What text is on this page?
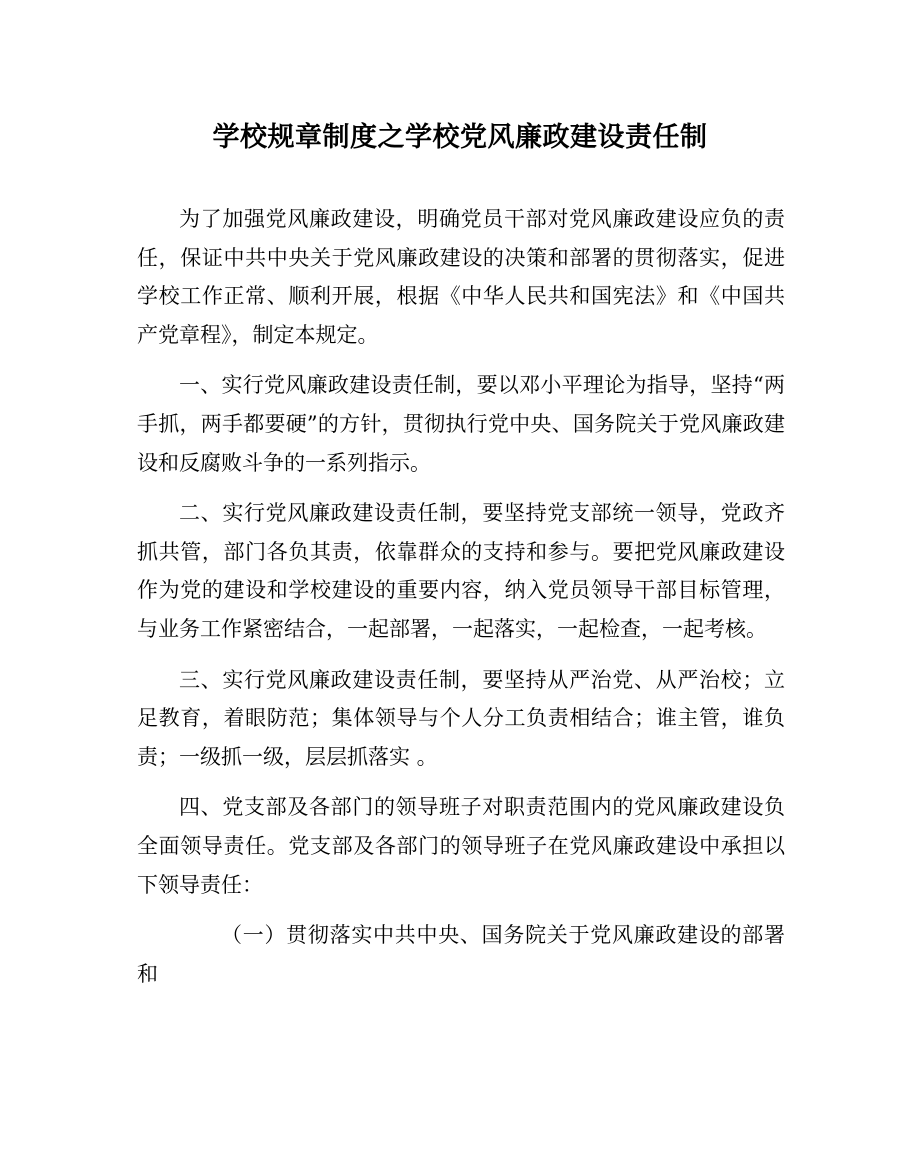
学校规章制度之学校党风廉政建设责任制

为了加强党风廉政建设，明确党员干部对党风廉政建设应负的责任，保证中共中央关于党风廉政建设的决策和部署的贯彻落实，促进学校工作正常、顺利开展，根据《中华人民共和国宪法》和《中国共产党章程》，制定本规定。

一、实行党风廉政建设责任制，要以邓小平理论为指导，坚持“两手抓，两手都要硬”的方针，贯彻执行党中央、国务院关于党风廉政建设和反腐败斗争的一系列指示。

二、实行党风廉政建设责任制，要坚持党支部统一领导，党政齐抓共管，部门各负其责，依靠群众的支持和参与。要把党风廉政建设作为党的建设和学校建设的重要内容，纳入党员领导干部目标管理，与业务工作紧密结合，一起部署，一起落实，一起检查，一起考核。

三、实行党风廉政建设责任制，要坚持从严治党、从严治校；立足教育，着眼防范；集体领导与个人分工负责相结合；谁主管，谁负责；一级抓一级，层层抓落实 。

四、党支部及各部门的领导班子对职责范围内的党风廉政建设负全面领导责任。党支部及各部门的领导班子在党风廉政建设中承担以下领导责任：

（一）贯彻落实中共中央、国务院关于党风廉政建设的部署和
